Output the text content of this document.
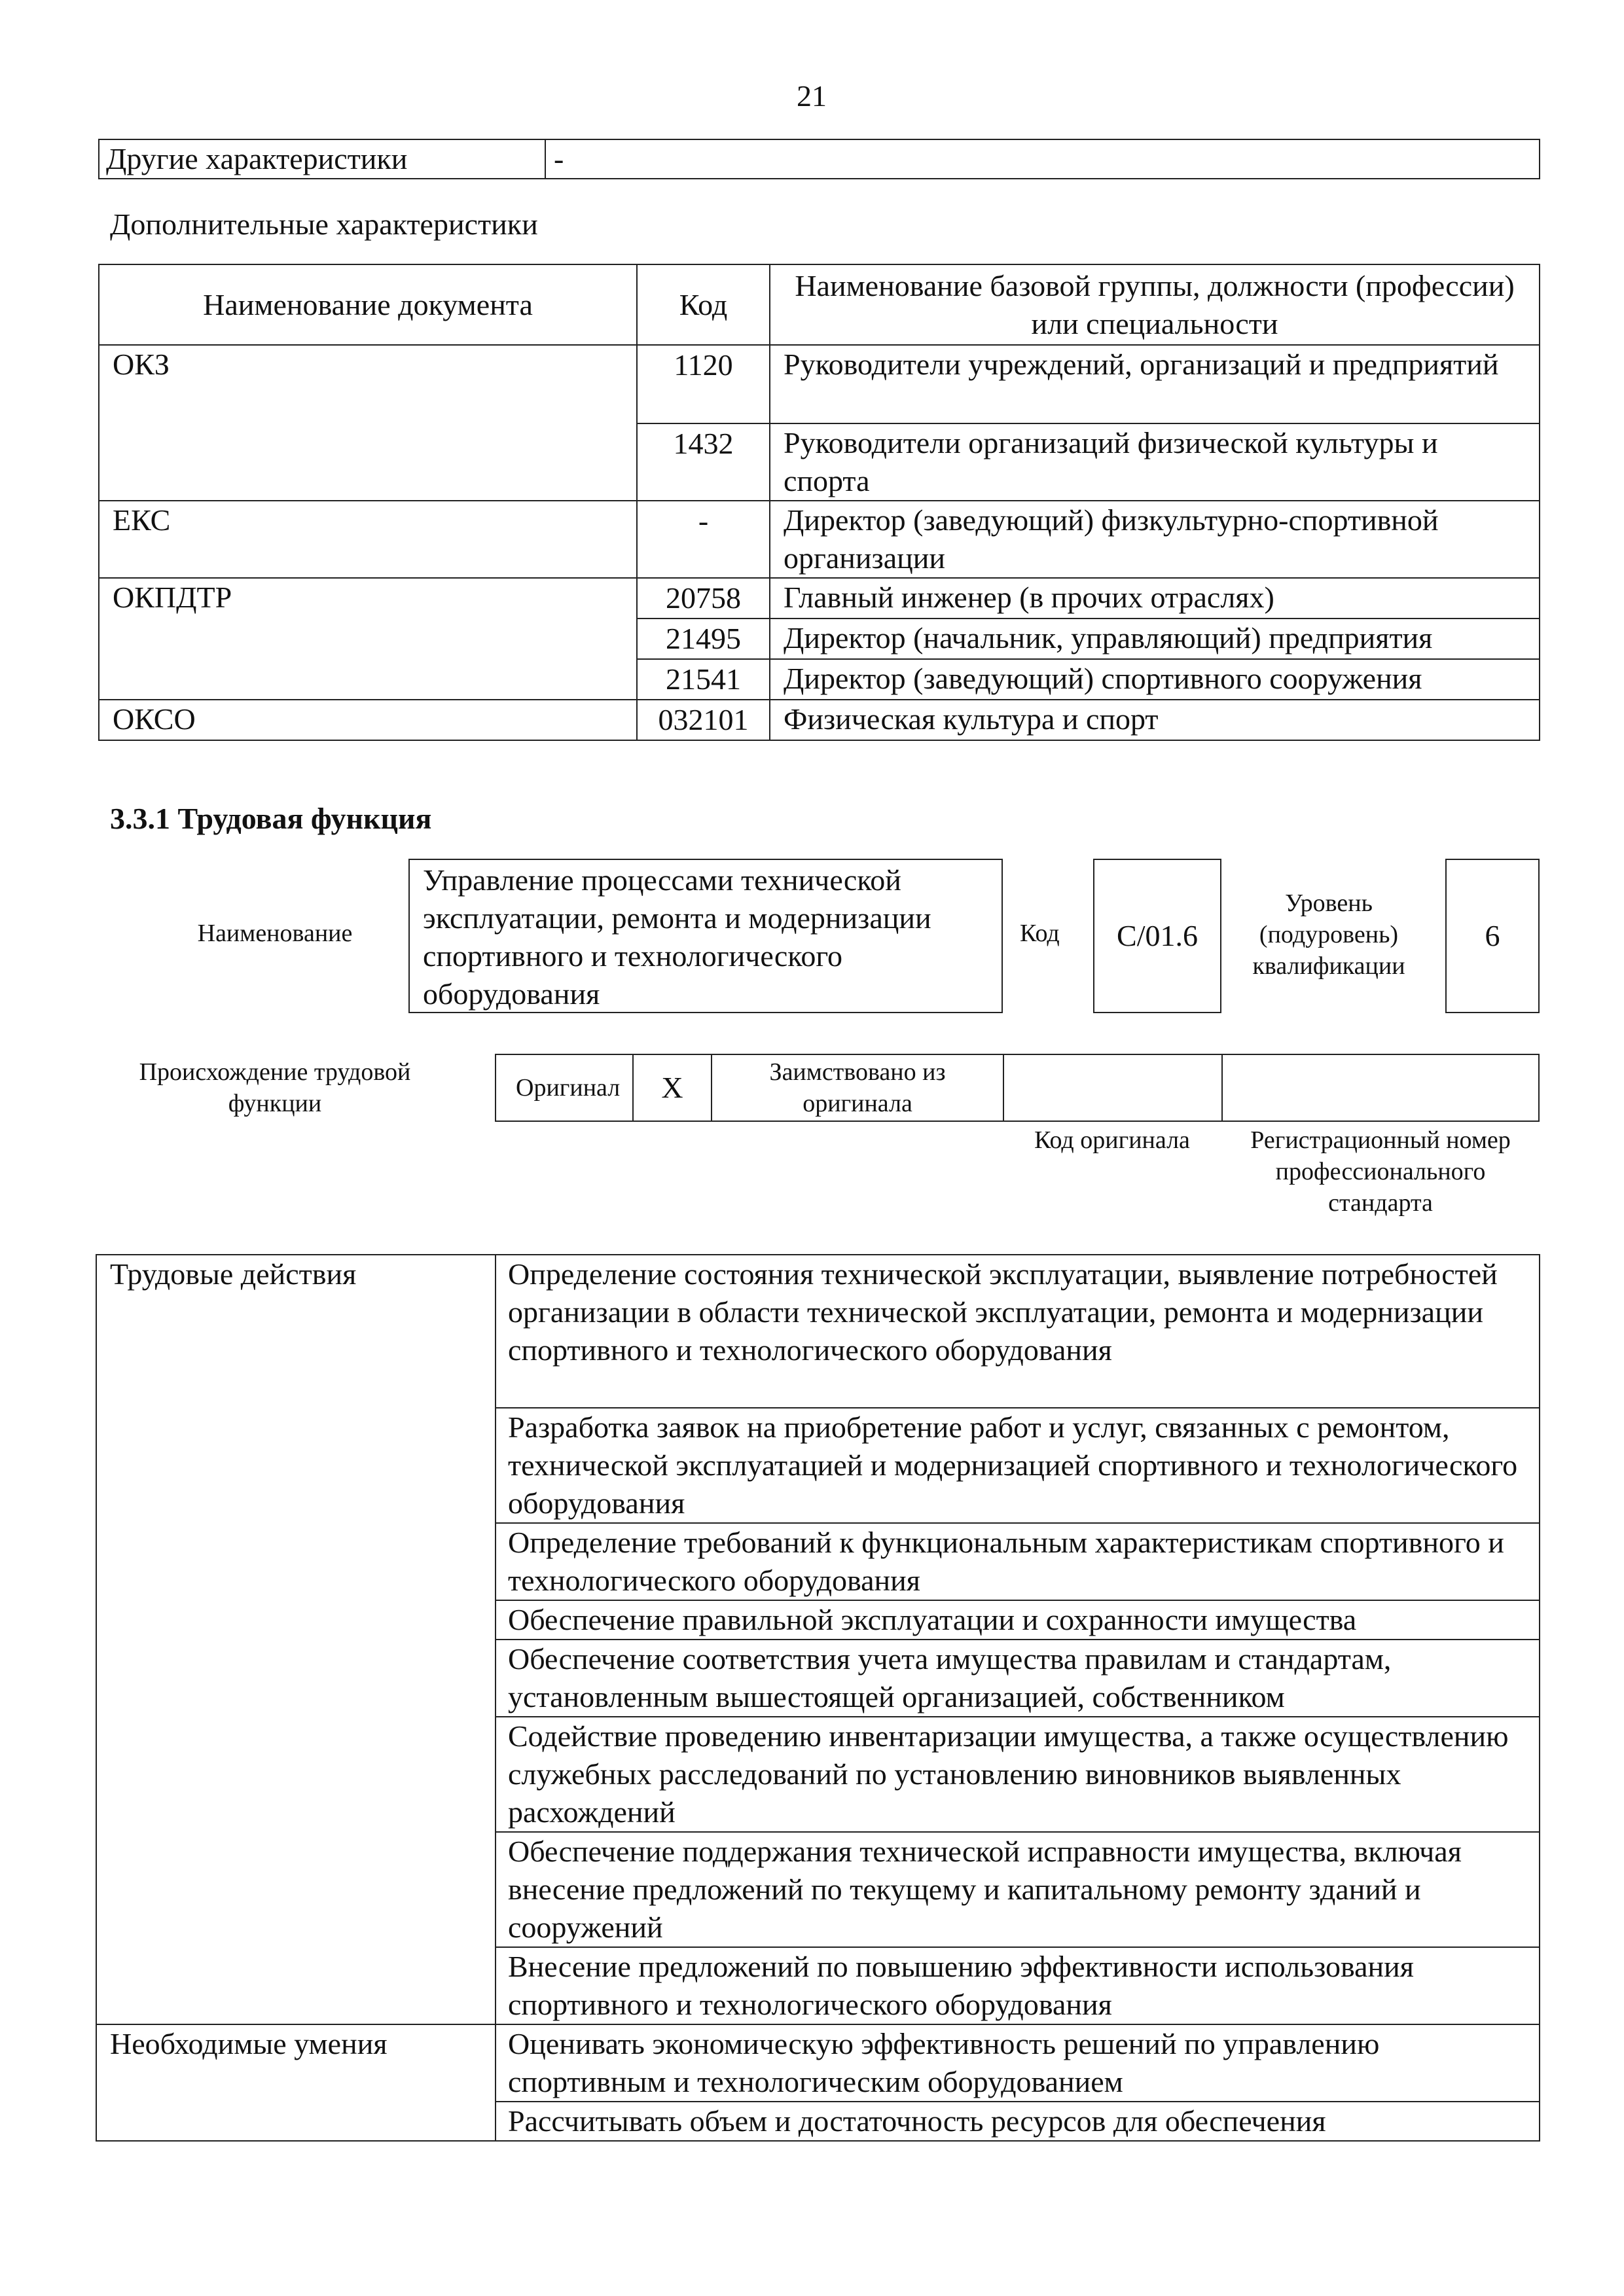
21
Другие характеристики	-
Дополнительные характеристики
Наименование документа	Код	Наименование базовой группы, должности (профессии) или специальности
ОКЗ	1120	Руководители учреждений, организаций и предприятий
	1432	Руководители организаций физической культуры и спорта
ЕКС	-	Директор (заведующий) физкультурно-спортивной организации
ОКПДТР	20758	Главный инженер (в прочих отраслях)
	21495	Директор (начальник, управляющий) предприятия
	21541	Директор (заведующий) спортивного сооружения
ОКСО	032101	Физическая культура и спорт
3.3.1 Трудовая функция
Наименование
Управление процессами технической эксплуатации, ремонта и модернизации спортивного и технологического оборудования
Код	С/01.6
Уровень (подуровень) квалификации
6
Происхождение трудовой функции
Оригинал	X	Заимствовано из оригинала		
Код оригинала	Регистрационный номер профессионального стандарта
Трудовые действия	Определение состояния технической эксплуатации, выявление потребностей организации в области технической эксплуатации, ремонта и модернизации спортивного и технологического оборудования
	Разработка заявок на приобретение работ и услуг, связанных с ремонтом, технической эксплуатацией и модернизацией спортивного и технологического оборудования
	Определение требований к функциональным характеристикам спортивного и технологического оборудования
	Обеспечение правильной эксплуатации и сохранности имущества
	Обеспечение соответствия учета имущества правилам и стандартам, установленным вышестоящей организацией, собственником
	Содействие проведению инвентаризации имущества, а также осуществлению служебных расследований по установлению виновников выявленных расхождений
	Обеспечение поддержания технической исправности имущества, включая внесение предложений по текущему и капитальному ремонту зданий и сооружений
	Внесение предложений по повышению эффективности использования спортивного и технологического оборудования
Необходимые умения	Оценивать экономическую эффективность решений по управлению спортивным и технологическим оборудованием
	Рассчитывать объем и достаточность ресурсов для обеспечения
